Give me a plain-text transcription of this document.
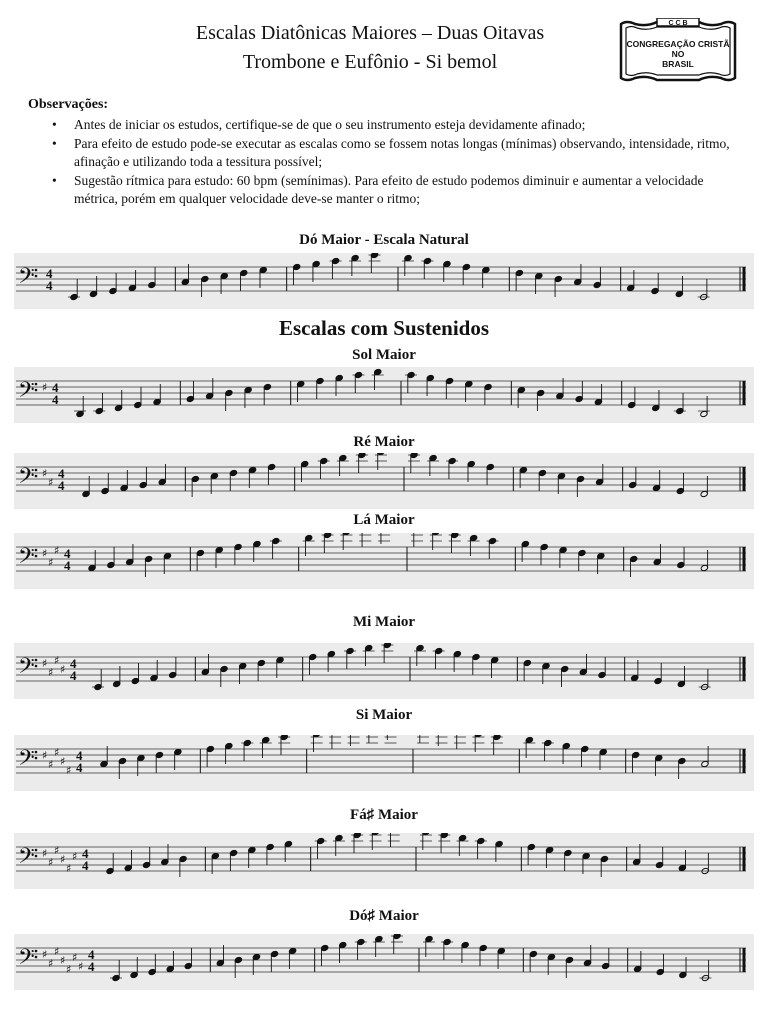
Escalas Diatônicas Maiores – Duas Oitavas
Trombone e Eufônio - Si bemol
C C B
CONGREGAÇÃO CRISTÃ
NO
BRASIL
Observações:
• Antes de iniciar os estudos, certifique-se de que o seu instrumento esteja devidamente afinado;
• Para efeito de estudo pode-se executar as escalas como se fossem notas longas (mínimas) observando, intensidade, ritmo, afinação e utilizando toda a tessitura possível;
• Sugestão rítmica para estudo: 60 bpm (semínimas). Para efeito de estudo podemos diminuir e aumentar a velocidade métrica, porém em qualquer velocidade deve-se manter o ritmo;
Dó Maior - Escala Natural
𝄢 4
4
Escalas com Sustenidos
Sol Maior
𝄢 ♯ 4
4
Ré Maior
𝄢 ♯
♯
4
4
Lá Maior
𝄢 ♯
♯
♯ 4
4
Mi Maior
𝄢 ♯
♯
♯
♯ 4
4
Si Maior
𝄢 ♯
♯
♯
♯
♯
4
4
Fá♯ Maior
𝄢 ♯
♯
♯
♯
♯
♯ 4
4
Dó♯ Maior
𝄢 ♯
♯
♯
♯
♯
♯
♯
4
4
